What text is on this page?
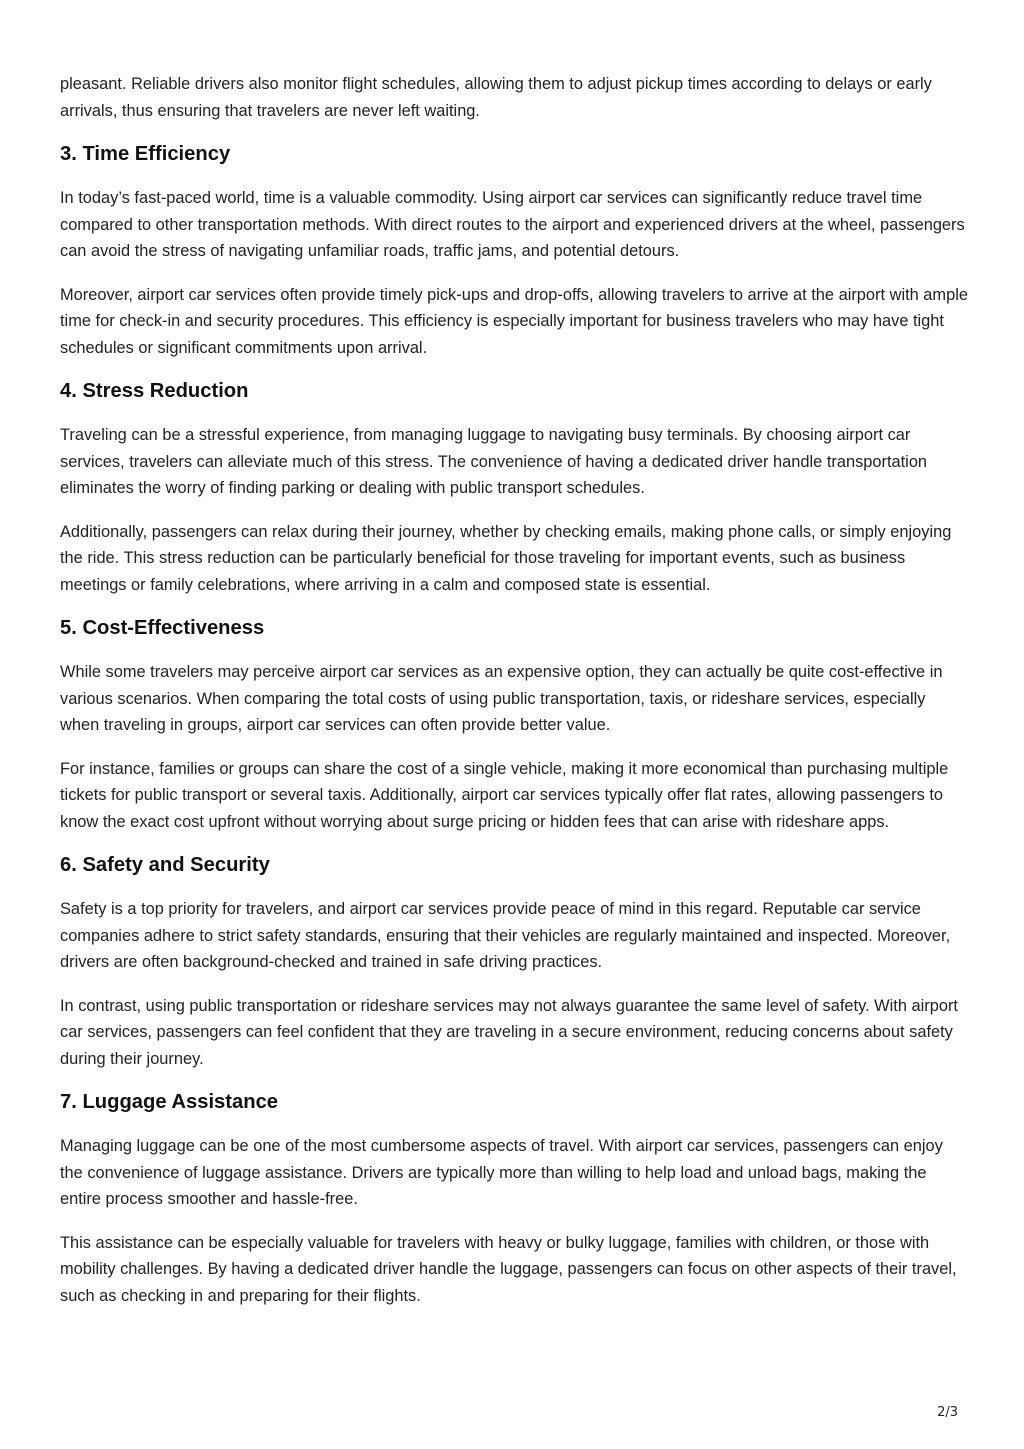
pleasant. Reliable drivers also monitor flight schedules, allowing them to adjust pickup times according to delays or early arrivals, thus ensuring that travelers are never left waiting.

3. Time Efficiency

In today’s fast-paced world, time is a valuable commodity. Using airport car services can significantly reduce travel time compared to other transportation methods. With direct routes to the airport and experienced drivers at the wheel, passengers can avoid the stress of navigating unfamiliar roads, traffic jams, and potential detours.

Moreover, airport car services often provide timely pick-ups and drop-offs, allowing travelers to arrive at the airport with ample time for check-in and security procedures. This efficiency is especially important for business travelers who may have tight schedules or significant commitments upon arrival.

4. Stress Reduction

Traveling can be a stressful experience, from managing luggage to navigating busy terminals. By choosing airport car services, travelers can alleviate much of this stress. The convenience of having a dedicated driver handle transportation eliminates the worry of finding parking or dealing with public transport schedules.

Additionally, passengers can relax during their journey, whether by checking emails, making phone calls, or simply enjoying the ride. This stress reduction can be particularly beneficial for those traveling for important events, such as business meetings or family celebrations, where arriving in a calm and composed state is essential.

5. Cost-Effectiveness

While some travelers may perceive airport car services as an expensive option, they can actually be quite cost-effective in various scenarios. When comparing the total costs of using public transportation, taxis, or rideshare services, especially when traveling in groups, airport car services can often provide better value.

For instance, families or groups can share the cost of a single vehicle, making it more economical than purchasing multiple tickets for public transport or several taxis. Additionally, airport car services typically offer flat rates, allowing passengers to know the exact cost upfront without worrying about surge pricing or hidden fees that can arise with rideshare apps.

6. Safety and Security

Safety is a top priority for travelers, and airport car services provide peace of mind in this regard. Reputable car service companies adhere to strict safety standards, ensuring that their vehicles are regularly maintained and inspected. Moreover, drivers are often background-checked and trained in safe driving practices.

In contrast, using public transportation or rideshare services may not always guarantee the same level of safety. With airport car services, passengers can feel confident that they are traveling in a secure environment, reducing concerns about safety during their journey.

7. Luggage Assistance

Managing luggage can be one of the most cumbersome aspects of travel. With airport car services, passengers can enjoy the convenience of luggage assistance. Drivers are typically more than willing to help load and unload bags, making the entire process smoother and hassle-free.

This assistance can be especially valuable for travelers with heavy or bulky luggage, families with children, or those with mobility challenges. By having a dedicated driver handle the luggage, passengers can focus on other aspects of their travel, such as checking in and preparing for their flights.

2/3
